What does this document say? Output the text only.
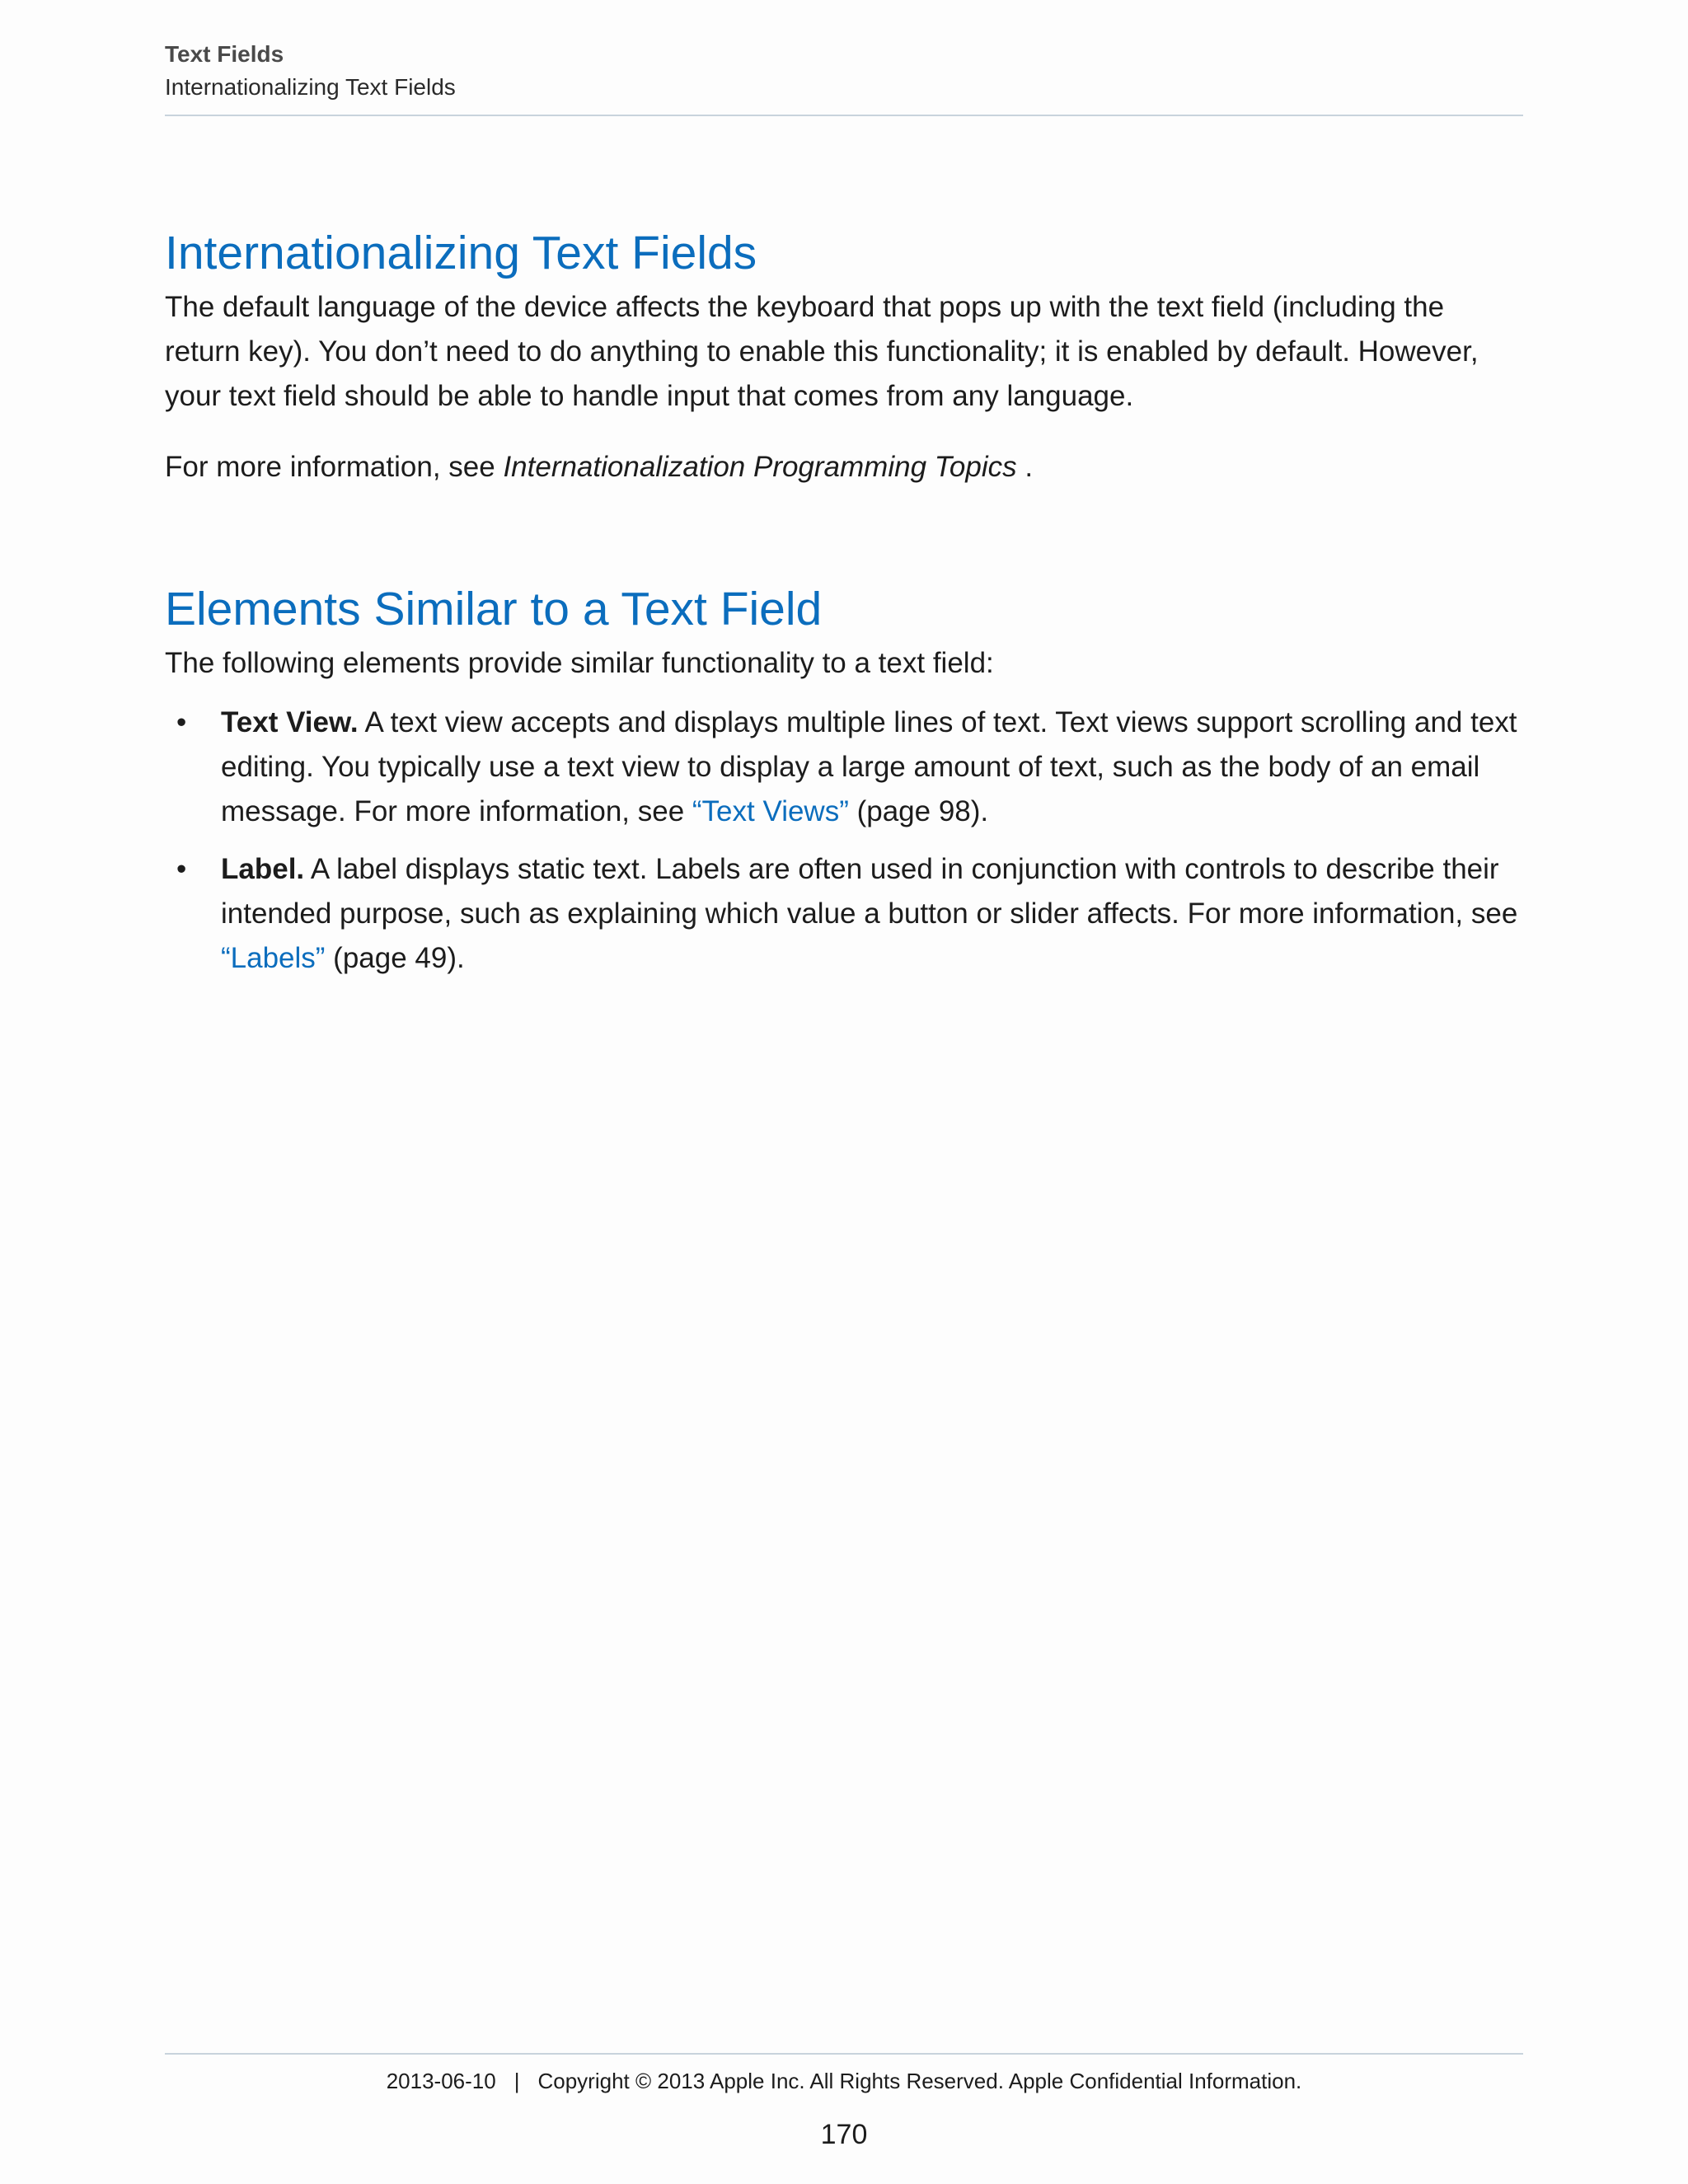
Text Fields
Internationalizing Text Fields
Internationalizing Text Fields

The default language of the device affects the keyboard that pops up with the text field (including the return key). You don’t need to do anything to enable this functionality; it is enabled by default. However, your text field should be able to handle input that comes from any language.

For more information, see Internationalization Programming Topics .

Elements Similar to a Text Field

The following elements provide similar functionality to a text field:

• Text View. A text view accepts and displays multiple lines of text. Text views support scrolling and text editing. You typically use a text view to display a large amount of text, such as the body of an email message. For more information, see “Text Views” (page 98).
• Label. A label displays static text. Labels are often used in conjunction with controls to describe their intended purpose, such as explaining which value a button or slider affects. For more information, see “Labels” (page 49).
2013-06-10 | Copyright © 2013 Apple Inc. All Rights Reserved. Apple Confidential Information.
170
